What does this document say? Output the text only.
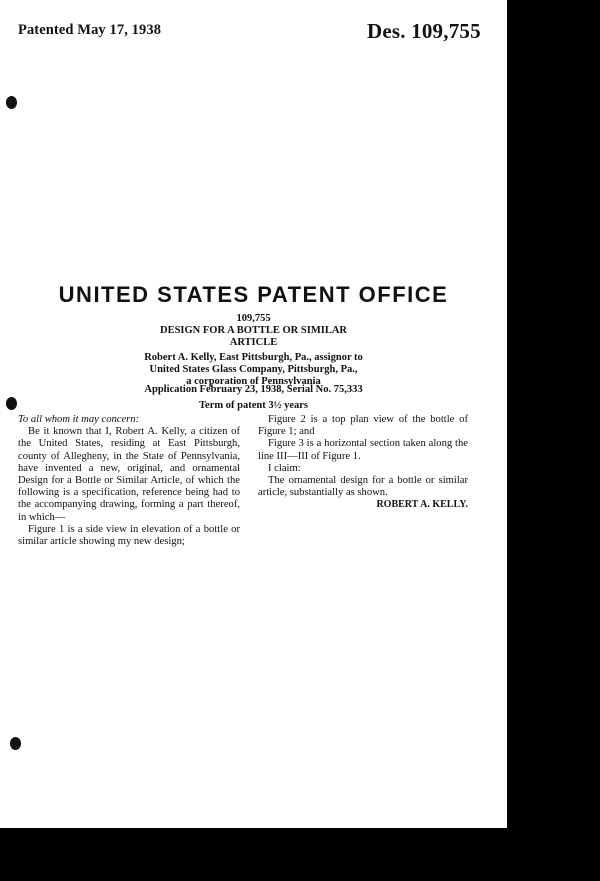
Patented May 17, 1938	Des. 109,755
UNITED STATES PATENT OFFICE
109,755
DESIGN FOR A BOTTLE OR SIMILAR
ARTICLE
Robert A. Kelly, East Pittsburgh, Pa., assignor to
United States Glass Company, Pittsburgh, Pa.,
a corporation of Pennsylvania
Application February 23, 1938, Serial No. 75,333
Term of patent 3½ years

To all whom it may concern:

Be it known that I, Robert A. Kelly, a citizen of the United States, residing at East Pittsburgh, county of Allegheny, in the State of Pennsylvania, have invented a new, original, and ornamental Design for a Bottle or Similar Article, of which the following is a specification, reference being had to the accompanying drawing, forming a part thereof, in which—

Figure 1 is a side view in elevation of a bottle or similar article showing my new design;

Figure 2 is a top plan view of the bottle of Figure 1; and

Figure 3 is a horizontal section taken along the line III—III of Figure 1.

I claim:

The ornamental design for a bottle or similar article, substantially as shown.

ROBERT A. KELLY.
